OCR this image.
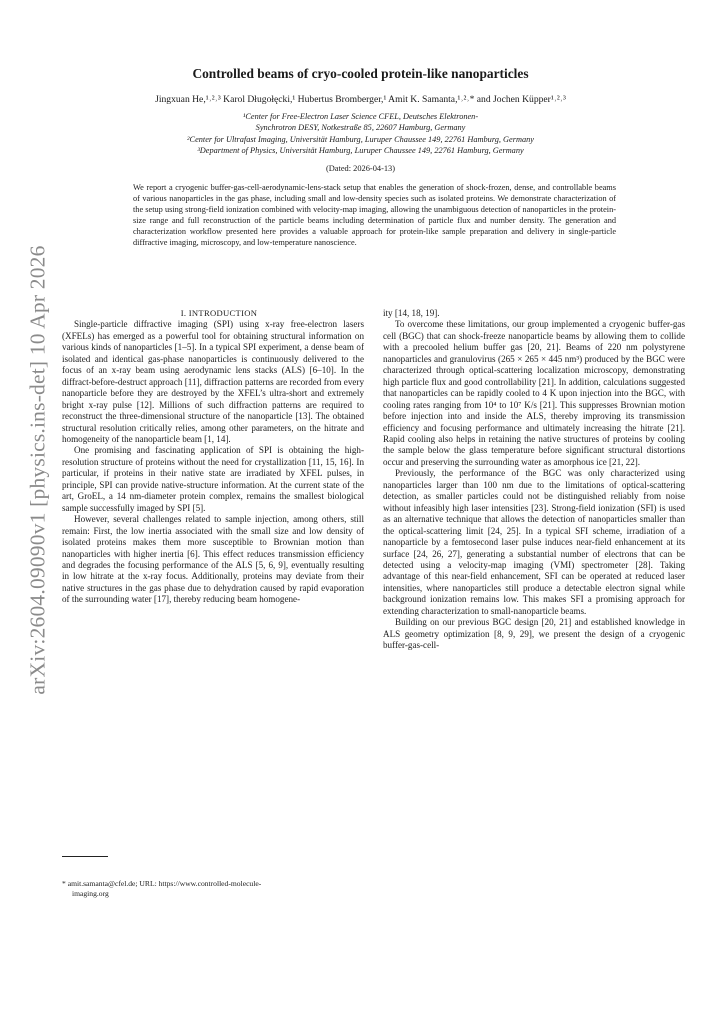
arXiv:2604.09090v1 [physics.ins-det] 10 Apr 2026
Controlled beams of cryo-cooled protein-like nanoparticles
Jingxuan He,¹˒²˒³ Karol Długołęcki,¹ Hubertus Bromberger,¹ Amit K. Samanta,¹˒²˒* and Jochen Küpper¹˒²˒³
¹Center for Free-Electron Laser Science CFEL, Deutsches Elektronen-
Synchrotron DESY, Notkestraße 85, 22607 Hamburg, Germany
²Center for Ultrafast Imaging, Universität Hamburg, Luruper Chaussee 149, 22761 Hamburg, Germany
³Department of Physics, Universität Hamburg, Luruper Chaussee 149, 22761 Hamburg, Germany
(Dated: 2026-04-13)
We report a cryogenic buffer-gas-cell-aerodynamic-lens-stack setup that enables the generation of shock-frozen, dense, and controllable beams of various nanoparticles in the gas phase, including small and low-density species such as isolated proteins. We demonstrate characterization of the setup using strong-field ionization combined with velocity-map imaging, allowing the unambiguous detection of nanoparticles in the protein-size range and full reconstruction of the particle beams including determination of particle flux and number density. The generation and characterization workflow presented here provides a valuable approach for protein-like sample preparation and delivery in single-particle diffractive imaging, microscopy, and low-temperature nanoscience.

I. INTRODUCTION

Single-particle diffractive imaging (SPI) using x-ray free-electron lasers (XFELs) has emerged as a powerful tool for obtaining structural information on various kinds of nanoparticles [1–5]. In a typical SPI experiment, a dense beam of isolated and identical gas-phase nanoparticles is continuously delivered to the focus of an x-ray beam using aerodynamic lens stacks (ALS) [6–10]. In the diffract-before-destruct approach [11], diffraction patterns are recorded from every nanoparticle before they are destroyed by the XFEL’s ultra-short and extremely bright x-ray pulse [12]. Millions of such diffraction patterns are required to reconstruct the three-dimensional structure of the nanoparticle [13]. The obtained structural resolution critically relies, among other parameters, on the hitrate and homogeneity of the nanoparticle beam [1, 14].

One promising and fascinating application of SPI is obtaining the high-resolution structure of proteins without the need for crystallization [11, 15, 16]. In particular, if proteins in their native state are irradiated by XFEL pulses, in principle, SPI can provide native-structure information. At the current state of the art, GroEL, a 14 nm-diameter protein complex, remains the smallest biological sample successfully imaged by SPI [5].

However, several challenges related to sample injection, among others, still remain: First, the low inertia associated with the small size and low density of isolated proteins makes them more susceptible to Brownian motion than nanoparticles with higher inertia [6]. This effect reduces transmission efficiency and degrades the focusing performance of the ALS [5, 6, 9], eventually resulting in low hitrate at the x-ray focus. Additionally, proteins may deviate from their native structures in the gas phase due to dehydration caused by rapid evaporation of the surrounding water [17], thereby reducing beam homogene-

ity [14, 18, 19].

To overcome these limitations, our group implemented a cryogenic buffer-gas cell (BGC) that can shock-freeze nanoparticle beams by allowing them to collide with a precooled helium buffer gas [20, 21]. Beams of 220 nm polystyrene nanoparticles and granulovirus (265 × 265 × 445 nm³) produced by the BGC were characterized through optical-scattering localization microscopy, demonstrating high particle flux and good controllability [21]. In addition, calculations suggested that nanoparticles can be rapidly cooled to 4 K upon injection into the BGC, with cooling rates ranging from 10⁴ to 10⁷ K/s [21]. This suppresses Brownian motion before injection into and inside the ALS, thereby improving its transmission efficiency and focusing performance and ultimately increasing the hitrate [21]. Rapid cooling also helps in retaining the native structures of proteins by cooling the sample below the glass temperature before significant structural distortions occur and preserving the surrounding water as amorphous ice [21, 22].

Previously, the performance of the BGC was only characterized using nanoparticles larger than 100 nm due to the limitations of optical-scattering detection, as smaller particles could not be distinguished reliably from noise without infeasibly high laser intensities [23]. Strong-field ionization (SFI) is used as an alternative technique that allows the detection of nanoparticles smaller than the optical-scattering limit [24, 25]. In a typical SFI scheme, irradiation of a nanoparticle by a femtosecond laser pulse induces near-field enhancement at its surface [24, 26, 27], generating a substantial number of electrons that can be detected using a velocity-map imaging (VMI) spectrometer [28]. Taking advantage of this near-field enhancement, SFI can be operated at reduced laser intensities, where nanoparticles still produce a detectable electron signal while background ionization remains low. This makes SFI a promising approach for extending characterization to small-nanoparticle beams.

Building on our previous BGC design [20, 21] and established knowledge in ALS geometry optimization [8, 9, 29], we present the design of a cryogenic buffer-gas-cell-

* amit.samanta@cfel.de; URL: https://www.controlled-molecule-
imaging.org
